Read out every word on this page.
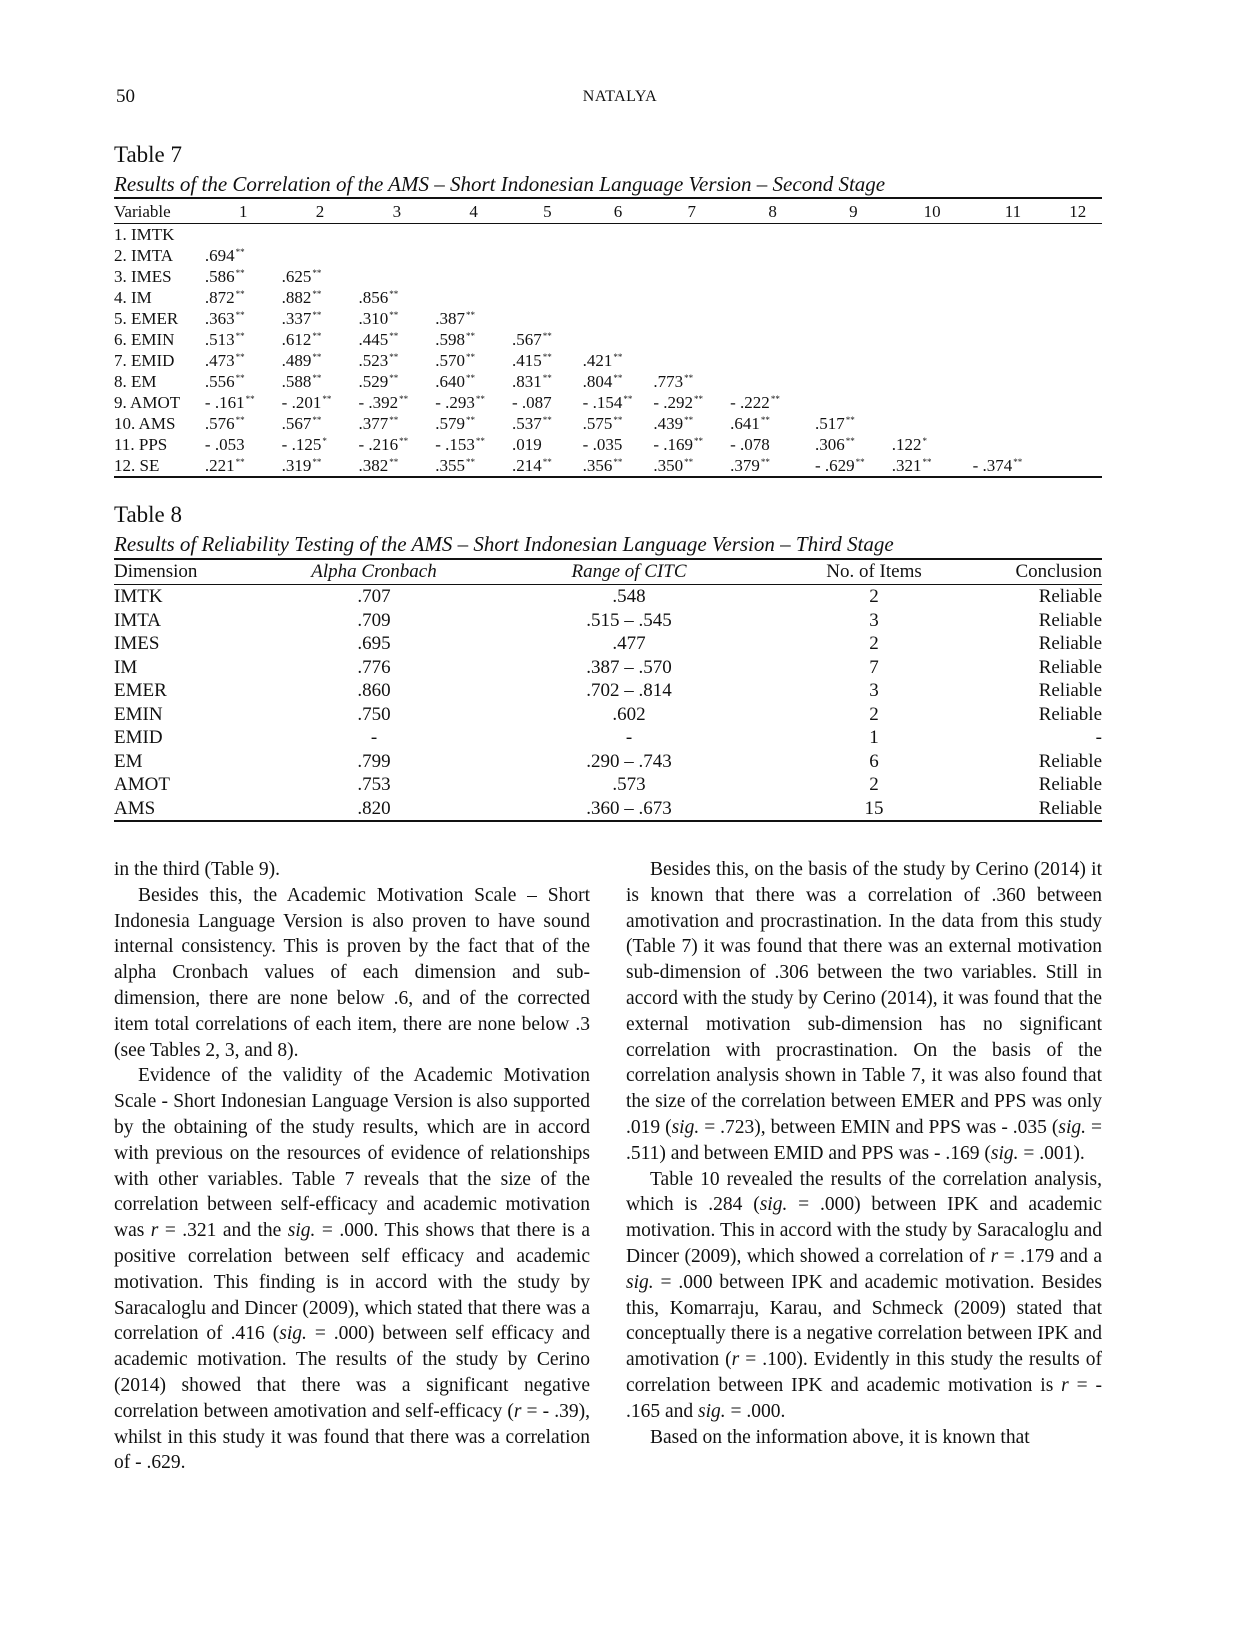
50	NATALYA
Table 7
Results of the Correlation of the AMS – Short Indonesian Language Version – Second Stage
Variable	1	2	3	4	5	6	7	8	9	10	11	12
1. IMTK												
2. IMTA	.694**											
3. IMES	.586**	.625**										
4. IM	.872**	.882**	.856**									
5. EMER	.363**	.337**	.310**	.387**								
6. EMIN	.513**	.612**	.445**	.598**	.567**							
7. EMID	.473**	.489**	.523**	.570**	.415**	.421**						
8. EM	.556**	.588**	.529**	.640**	.831**	.804**	.773**					
9. AMOT	- .161**	- .201**	- .392**	- .293**	- .087	- .154**	- .292**	- .222**				
10. AMS	.576**	.567**	.377**	.579**	.537**	.575**	.439**	.641**	.517**			
11. PPS	- .053	- .125*	- .216**	- .153**	.019	- .035	- .169**	- .078	.306**	.122*		
12. SE	.221**	.319**	.382**	.355**	.214**	.356**	.350**	.379**	- .629**	.321**	- .374**	
Table 8
Results of Reliability Testing of the AMS – Short Indonesian Language Version – Third Stage
Dimension	Alpha Cronbach	Range of CITC	No. of Items	Conclusion
IMTK	.707	.548	2	Reliable
IMTA	.709	.515 – .545	3	Reliable
IMES	.695	.477	2	Reliable
IM	.776	.387 – .570	7	Reliable
EMER	.860	.702 – .814	3	Reliable
EMIN	.750	.602	2	Reliable
EMID	-	-	1	-
EM	.799	.290 – .743	6	Reliable
AMOT	.753	.573	2	Reliable
AMS	.820	.360 – .673	15	Reliable

in the third (Table 9).

Besides this, the Academic Motivation Scale – Short Indonesia Language Version is also proven to have sound internal consistency. This is proven by the fact that of the alpha Cronbach values of each dimension and sub-dimension, there are none below .6, and of the corrected item total correlations of each item, there are none below .3 (see Tables 2, 3, and 8).

Evidence of the validity of the Academic Motivation Scale - Short Indonesian Language Version is also supported by the obtaining of the study results, which are in accord with previous on the resources of evidence of relationships with other variables. Table 7 reveals that the size of the correlation between self-efficacy and academic motivation was r = .321 and the sig. = .000. This shows that there is a positive correlation between self efficacy and academic motivation. This finding is in accord with the study by Saracaloglu and Dincer (2009), which stated that there was a correlation of .416 (sig. = .000) between self efficacy and academic motivation. The results of the study by Cerino (2014) showed that there was a significant negative correlation between amotivation and self-efficacy (r = - .39), whilst in this study it was found that there was a correlation of - .629.

Besides this, on the basis of the study by Cerino (2014) it is known that there was a correlation of .360 between amotivation and procrastination. In the data from this study (Table 7) it was found that there was an external motivation sub-dimension of .306 between the two variables. Still in accord with the study by Cerino (2014), it was found that the external motivation sub-dimension has no significant correlation with procrastination. On the basis of the correlation analysis shown in Table 7, it was also found that the size of the correlation between EMER and PPS was only .019 (sig. = .723), between EMIN and PPS was - .035 (sig. = .511) and between EMID and PPS was - .169 (sig. = .001).

Table 10 revealed the results of the correlation analysis, which is .284 (sig. = .000) between IPK and academic motivation. This in accord with the study by Saracaloglu and Dincer (2009), which showed a correlation of r = .179 and a sig. = .000 between IPK and academic motivation. Besides this, Komarraju, Karau, and Schmeck (2009) stated that conceptually there is a negative correlation between IPK and amotivation (r = .100). Evidently in this study the results of correlation between IPK and academic motivation is r = - .165 and sig. = .000.

Based on the information above, it is known that
